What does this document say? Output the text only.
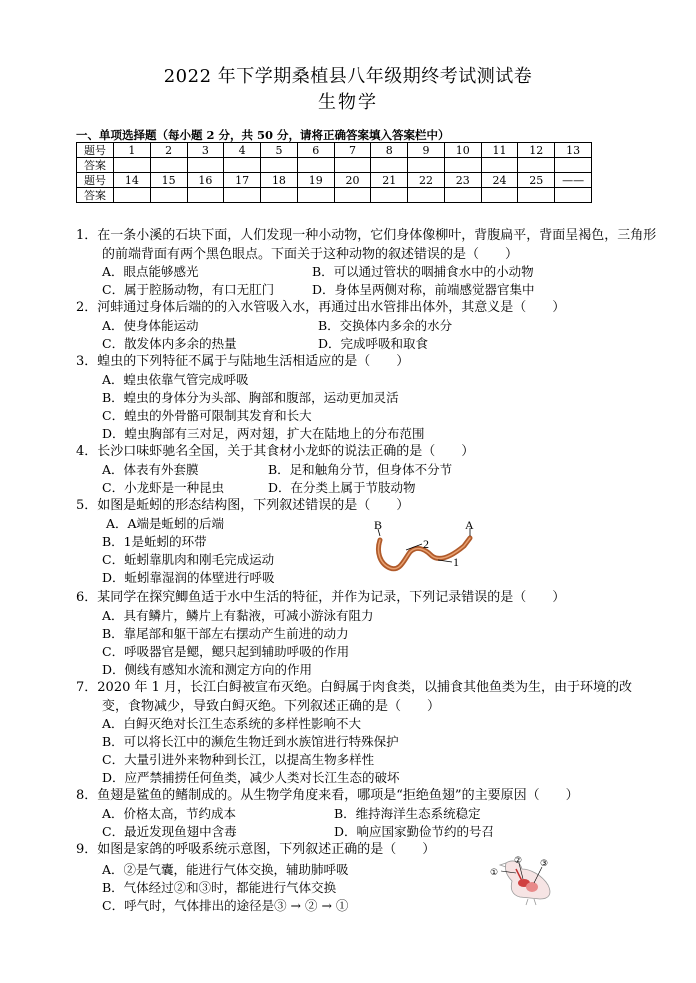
2022 年下学期桑植县八年级期终考试测试卷
生物学
一、单项选择题（每小题 2 分，共 50 分，请将正确答案填入答案栏中）
题号	1	2	3	4	5	6	7	8	9	10	11	12	13
答案													
题号	14	15	16	17	18	19	20	21	22	23	24	25	——
答案													
1．在一条小溪的石块下面，人们发现一种小动物，它们身体像柳叶，背腹扁平，背面呈褐色，三角形的前端背面有两个黑色眼点。下面关于这种动物的叙述错误的是（　　）
A．眼点能够感光	B．可以通过管状的咽捕食水中的小动物
C．属于腔肠动物，有口无肛门	D．身体呈两侧对称，前端感觉器官集中
2．河蚌通过身体后端的的入水管吸入水，再通过出水管排出体外，其意义是（　　）
A．使身体能运动	B．交换体内多余的水分
C．散发体内多余的热量	D．完成呼吸和取食
3．蝗虫的下列特征不属于与陆地生活相适应的是（　　）
A．蝗虫依靠气管完成呼吸
B．蝗虫的身体分为头部、胸部和腹部，运动更加灵活
C．蝗虫的外骨骼可限制其发育和长大
D．蝗虫胸部有三对足，两对翅，扩大在陆地上的分布范围
4．长沙口味虾驰名全国，关于其食材小龙虾的说法正确的是（　　）
A．体表有外套膜	B．足和触角分节，但身体不分节
C．小龙虾是一种昆虫	D．在分类上属于节肢动物
5．如图是蚯蚓的形态结构图，下列叙述错误的是（　　）
A．A端是蚯蚓的后端
B．1是蚯蚓的环带
C．蚯蚓靠肌肉和刚毛完成运动
D．蚯蚓靠湿润的体壁进行呼吸
B
2
A
1
6．某同学在探究鲫鱼适于水中生活的特征，并作为记录，下列记录错误的是（　　）
A．具有鳞片，鳞片上有黏液，可减小游泳有阻力
B．靠尾部和躯干部左右摆动产生前进的动力
C．呼吸器官是鳃，鳃只起到辅助呼吸的作用
D．侧线有感知水流和测定方向的作用
7．2020 年 1 月，长江白鲟被宣布灭绝。白鲟属于肉食类，以捕食其他鱼类为生，由于环境的改变，食物减少，导致白鲟灭绝。下列叙述正确的是（　　）
A．白鲟灭绝对长江生态系统的多样性影响不大
B．可以将长江中的濒危生物迁到水族馆进行特殊保护
C．大量引进外来物种到长江，以提高生物多样性
D．应严禁捕捞任何鱼类，减少人类对长江生态的破坏
8．鱼翅是鲨鱼的鳍制成的。从生物学角度来看，哪项是“拒绝鱼翅”的主要原因（　　）
A．价格太高，节约成本	B．维持海洋生态系统稳定
C．最近发现鱼翅中含毒	D．响应国家勤俭节约的号召
9．如图是家鸽的呼吸系统示意图，下列叙述正确的是（　　）
A．②是气囊，能进行气体交换，辅助肺呼吸
B．气体经过②和③时，都能进行气体交换
C．呼气时，气体排出的途径是③ → ② → ①
①
② ③
